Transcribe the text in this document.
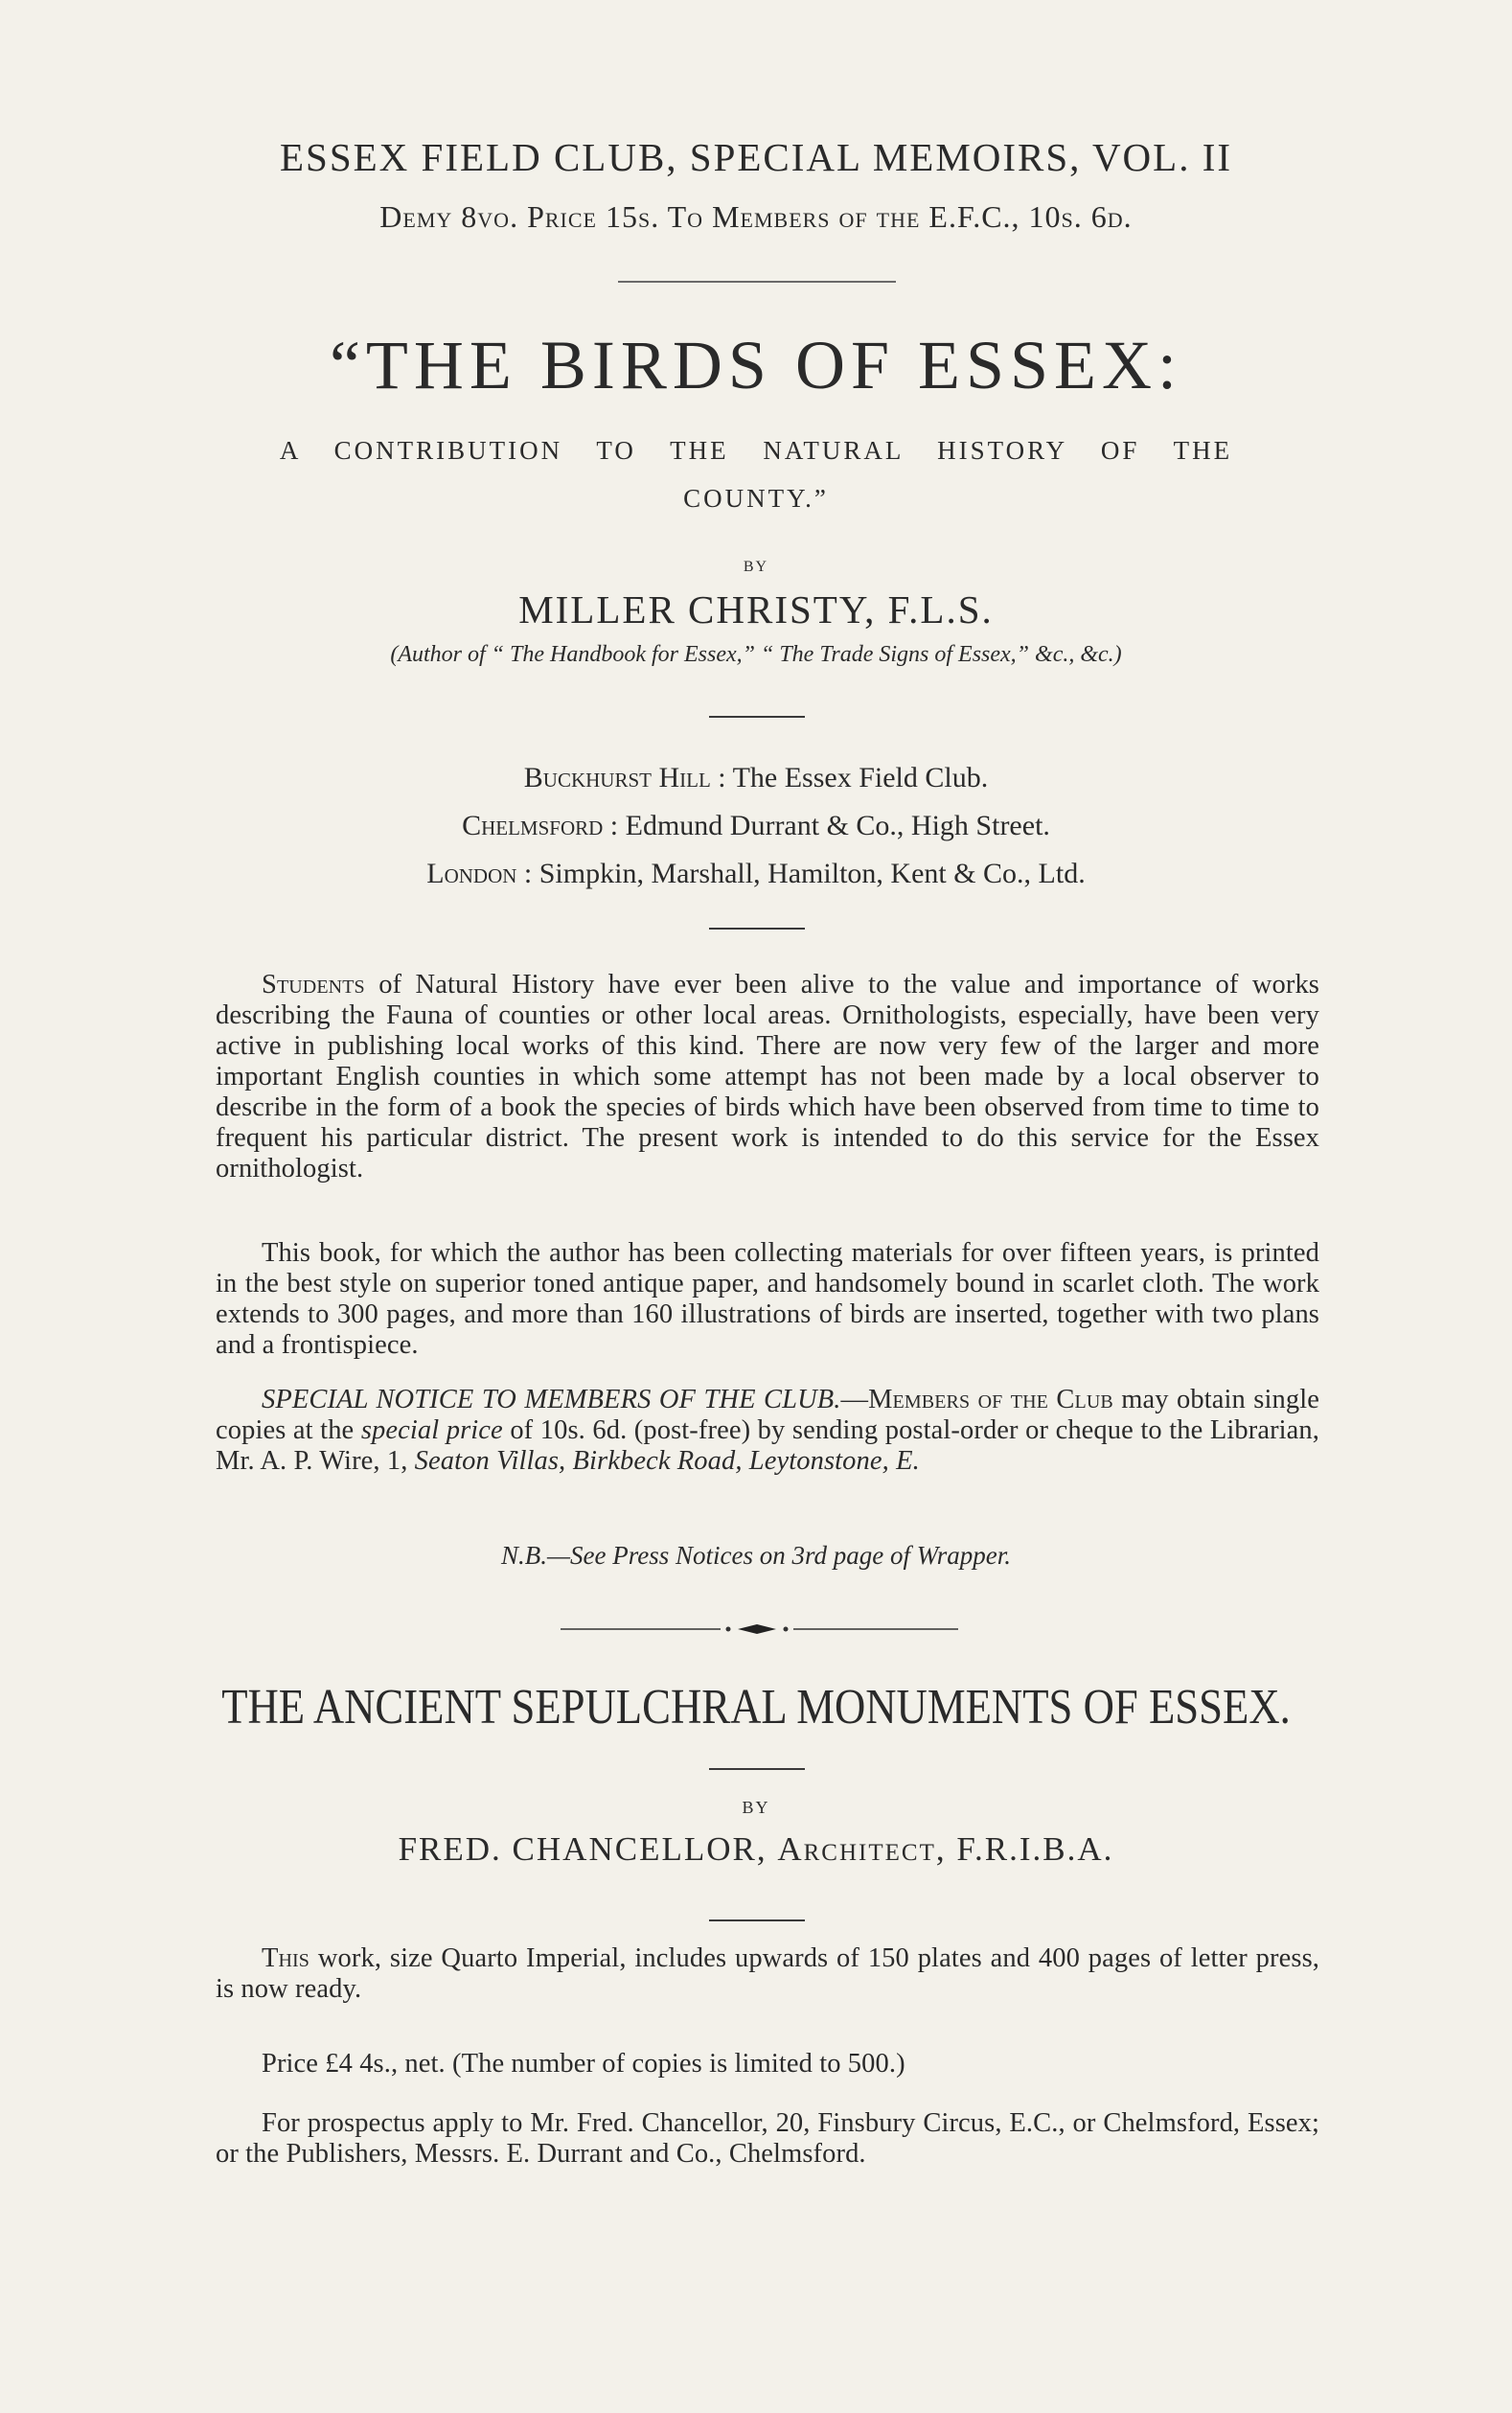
ESSEX FIELD CLUB, SPECIAL MEMOIRS, VOL. II
Demy 8vo. Price 15s. To Members of the E.F.C., 10s. 6d.
“THE BIRDS OF ESSEX:
A CONTRIBUTION TO THE NATURAL HISTORY OF THE
COUNTY.”
BY
MILLER CHRISTY, F.L.S.
(Author of “ The Handbook for Essex,” “ The Trade Signs of Essex,” &c., &c.)
Buckhurst Hill : The Essex Field Club.
Chelmsford : Edmund Durrant & Co., High Street.
London : Simpkin, Marshall, Hamilton, Kent & Co., Ltd.
Students of Natural History have ever been alive to the value and importance of works describing the Fauna of counties or other local areas. Ornithologists, especially, have been very active in publishing local works of this kind. There are now very few of the larger and more important English counties in which some attempt has not been made by a local observer to describe in the form of a book the species of birds which have been observed from time to time to frequent his particular district. The present work is intended to do this service for the Essex ornithologist.
This book, for which the author has been collecting materials for over fifteen years, is printed in the best style on superior toned antique paper, and handsomely bound in scarlet cloth. The work extends to 300 pages, and more than 160 illustrations of birds are inserted, together with two plans and a frontispiece.
SPECIAL NOTICE TO MEMBERS OF THE CLUB.—Members of the Club may obtain single copies at the special price of 10s. 6d. (post-free) by sending postal-order or cheque to the Librarian, Mr. A. P. Wire, 1, Seaton Villas, Birkbeck Road, Leytonstone, E.
N.B.—See Press Notices on 3rd page of Wrapper.
THE ANCIENT SEPULCHRAL MONUMENTS OF ESSEX.
BY
FRED. CHANCELLOR, Architect, F.R.I.B.A.
This work, size Quarto Imperial, includes upwards of 150 plates and 400 pages of letter press, is now ready.
Price £4 4s., net. (The number of copies is limited to 500.)
For prospectus apply to Mr. Fred. Chancellor, 20, Finsbury Circus, E.C., or Chelmsford, Essex; or the Publishers, Messrs. E. Durrant and Co., Chelmsford.
